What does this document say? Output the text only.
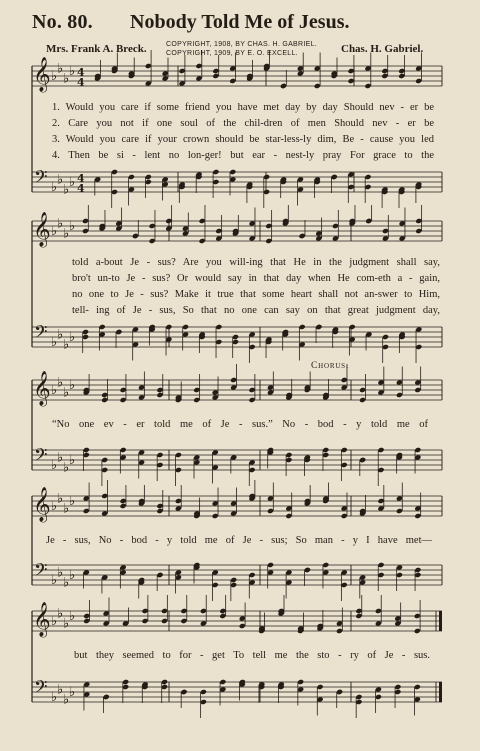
No. 80. Nobody Told Me of Jesus.
Mrs. Frank A. Breck.	COPYRIGHT, 1908, BY CHAS. H. GABRIEL.
COPYRIGHT, 1909, BY E. O. EXCELL.	Chas. H. Gabriel.
𝄞
𝄢
♭ ♭
♭ ♭
♭ ♭
♭ ♭
4
4
4
4
𝄞
𝄢
♭ ♭
♭ ♭
♭ ♭
♭ ♭
𝄞
𝄢
♭ ♭
♭ ♭
♭ ♭
♭ ♭
𝄞
𝄢
♭ ♭
♭ ♭
♭ ♭
♭ ♭
𝄞
𝄢
♭ ♭
♭ ♭
♭ ♭
♭ ♭
1. Would you care if some friend you have met day by day Should nev - er be
2. Care you not if one soul of the chil-dren of men Should nev - er be
3. Would you care if your crown should be star-less-ly dim, Be - cause you led
4. Then be si - lent no lon-ger! but ear - nest-ly pray For grace to the
told a-bout Je - sus? Are you will-ing that He in the judgment shall say,
bro't un-to Je - sus? Or would say in that day when He com-eth a - gain,
no one to Je - sus? Make it true that some heart shall not an-swer to Him,
tell- ing of Je - sus, So that no one can say on that great judgment day,
Chorus.
“No one ev - er told me of Je - sus.” No - bod - y told me of
Je - sus, No - bod - y told me of Je - sus; So man - y I have met—
but they seemed to for - get To tell me the sto - ry of Je - sus.
